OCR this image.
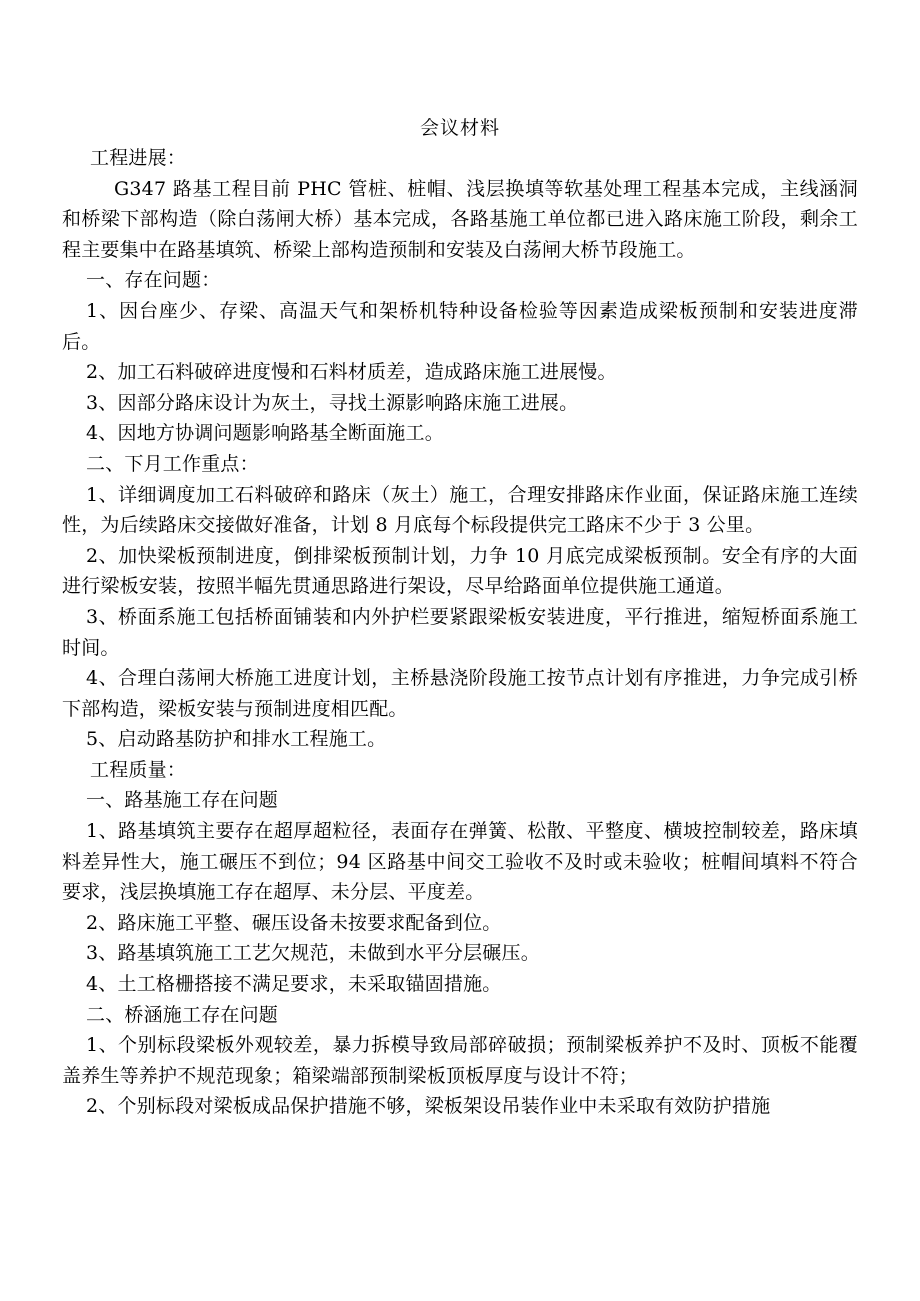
会议材料

工程进展：

G347 路基工程目前 PHC 管桩、桩帽、浅层换填等软基处理工程基本完成，主线涵洞和桥梁下部构造（除白荡闸大桥）基本完成，各路基施工单位都已进入路床施工阶段，剩余工程主要集中在路基填筑、桥梁上部构造预制和安装及白荡闸大桥节段施工。

一、存在问题：

1、因台座少、存梁、高温天气和架桥机特种设备检验等因素造成梁板预制和安装进度滞后。

2、加工石料破碎进度慢和石料材质差，造成路床施工进展慢。

3、因部分路床设计为灰土，寻找土源影响路床施工进展。

4、因地方协调问题影响路基全断面施工。

二、下月工作重点：

1、详细调度加工石料破碎和路床（灰土）施工，合理安排路床作业面，保证路床施工连续性，为后续路床交接做好准备，计划 8 月底每个标段提供完工路床不少于 3 公里。

2、加快梁板预制进度，倒排梁板预制计划，力争 10 月底完成梁板预制。安全有序的大面进行梁板安装，按照半幅先贯通思路进行架设，尽早给路面单位提供施工通道。

3、桥面系施工包括桥面铺装和内外护栏要紧跟梁板安装进度，平行推进，缩短桥面系施工时间。

4、合理白荡闸大桥施工进度计划，主桥悬浇阶段施工按节点计划有序推进，力争完成引桥下部构造，梁板安装与预制进度相匹配。

5、启动路基防护和排水工程施工。

工程质量：

一、路基施工存在问题

1、路基填筑主要存在超厚超粒径，表面存在弹簧、松散、平整度、横坡控制较差，路床填料差异性大，施工碾压不到位；94 区路基中间交工验收不及时或未验收；桩帽间填料不符合要求，浅层换填施工存在超厚、未分层、平度差。

2、路床施工平整、碾压设备未按要求配备到位。

3、路基填筑施工工艺欠规范，未做到水平分层碾压。

4、土工格栅搭接不满足要求，未采取锚固措施。

二、桥涵施工存在问题

1、个别标段梁板外观较差，暴力拆模导致局部碎破损；预制梁板养护不及时、顶板不能覆盖养生等养护不规范现象；箱梁端部预制梁板顶板厚度与设计不符；

2、个别标段对梁板成品保护措施不够，梁板架设吊装作业中未采取有效防护措施
